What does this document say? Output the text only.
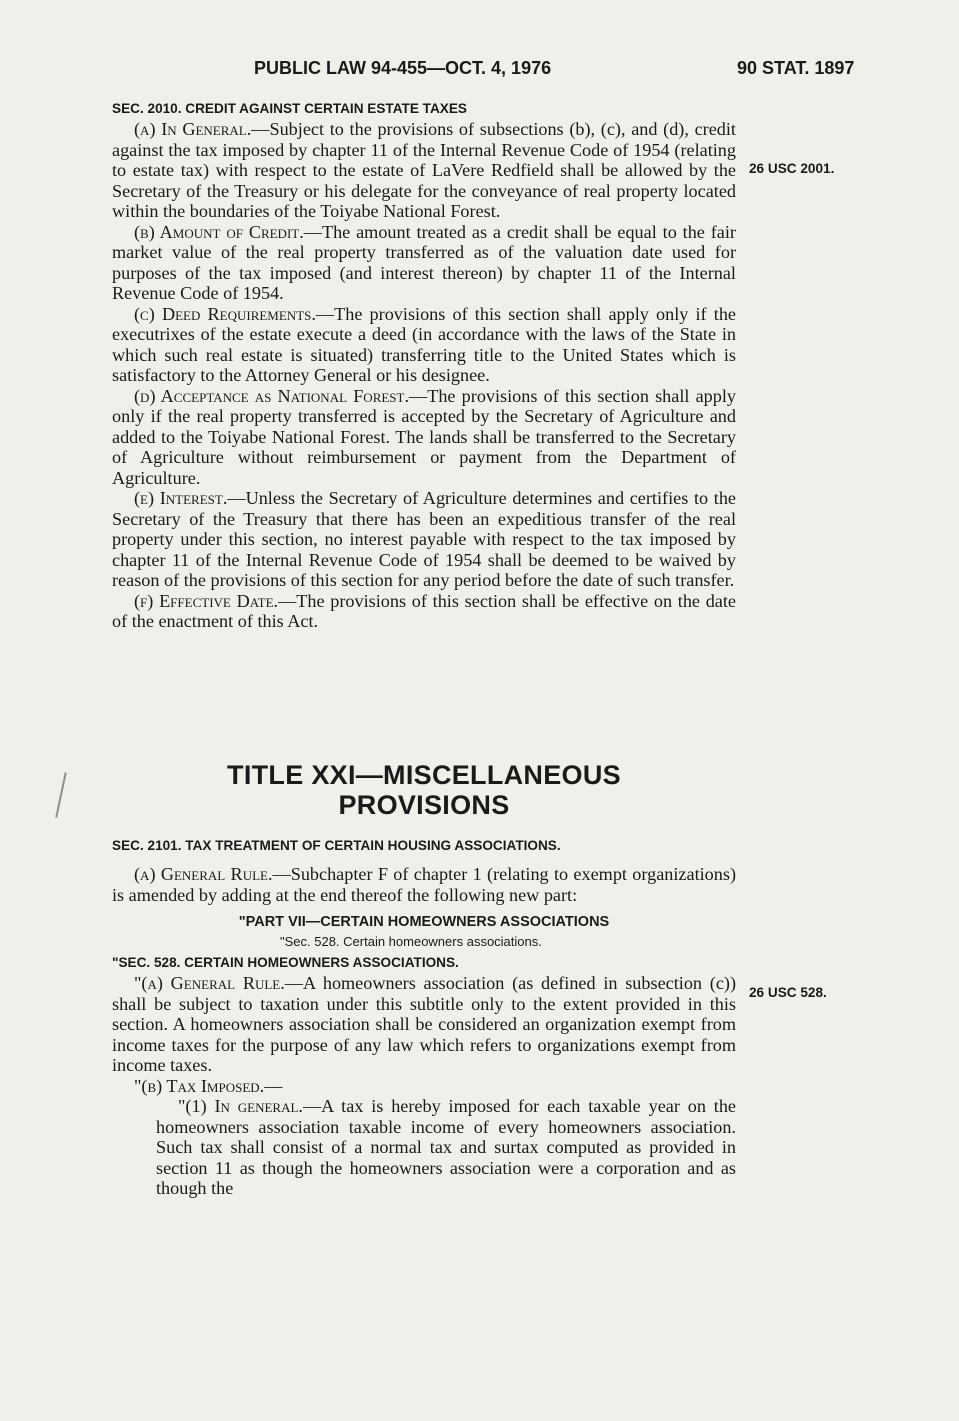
PUBLIC LAW 94-455—OCT. 4, 1976	90 STAT. 1897
26 USC 2001.
26 USC 528.

SEC. 2010. CREDIT AGAINST CERTAIN ESTATE TAXES

(a) In General.—Subject to the provisions of subsections (b), (c), and (d), credit against the tax imposed by chapter 11 of the Internal Revenue Code of 1954 (relating to estate tax) with respect to the estate of LaVere Redfield shall be allowed by the Secretary of the Treasury or his delegate for the conveyance of real property located within the boundaries of the Toiyabe National Forest.

(b) Amount of Credit.—The amount treated as a credit shall be equal to the fair market value of the real property transferred as of the valuation date used for purposes of the tax imposed (and interest thereon) by chapter 11 of the Internal Revenue Code of 1954.

(c) Deed Requirements.—The provisions of this section shall apply only if the executrixes of the estate execute a deed (in accordance with the laws of the State in which such real estate is situated) transferring title to the United States which is satisfactory to the Attorney General or his designee.

(d) Acceptance as National Forest.—The provisions of this section shall apply only if the real property transferred is accepted by the Secretary of Agriculture and added to the Toiyabe National Forest. The lands shall be transferred to the Secretary of Agriculture without reimbursement or payment from the Department of Agriculture.

(e) Interest.—Unless the Secretary of Agriculture determines and certifies to the Secretary of the Treasury that there has been an expeditious transfer of the real property under this section, no interest payable with respect to the tax imposed by chapter 11 of the Internal Revenue Code of 1954 shall be deemed to be waived by reason of the provisions of this section for any period before the date of such transfer.

(f) Effective Date.—The provisions of this section shall be effective on the date of the enactment of this Act.

TITLE XXI—MISCELLANEOUS
PROVISIONS

SEC. 2101. TAX TREATMENT OF CERTAIN HOUSING ASSOCIATIONS.

(a) General Rule.—Subchapter F of chapter 1 (relating to exempt organizations) is amended by adding at the end thereof the following new part:

"PART VII—CERTAIN HOMEOWNERS ASSOCIATIONS

"Sec. 528. Certain homeowners associations.

"SEC. 528. CERTAIN HOMEOWNERS ASSOCIATIONS.

"(a) General Rule.—A homeowners association (as defined in subsection (c)) shall be subject to taxation under this subtitle only to the extent provided in this section. A homeowners association shall be considered an organization exempt from income taxes for the purpose of any law which refers to organizations exempt from income taxes.

"(b) Tax Imposed.—

"(1) In general.—A tax is hereby imposed for each taxable year on the homeowners association taxable income of every homeowners association. Such tax shall consist of a normal tax and surtax computed as provided in section 11 as though the homeowners association were a corporation and as though the
